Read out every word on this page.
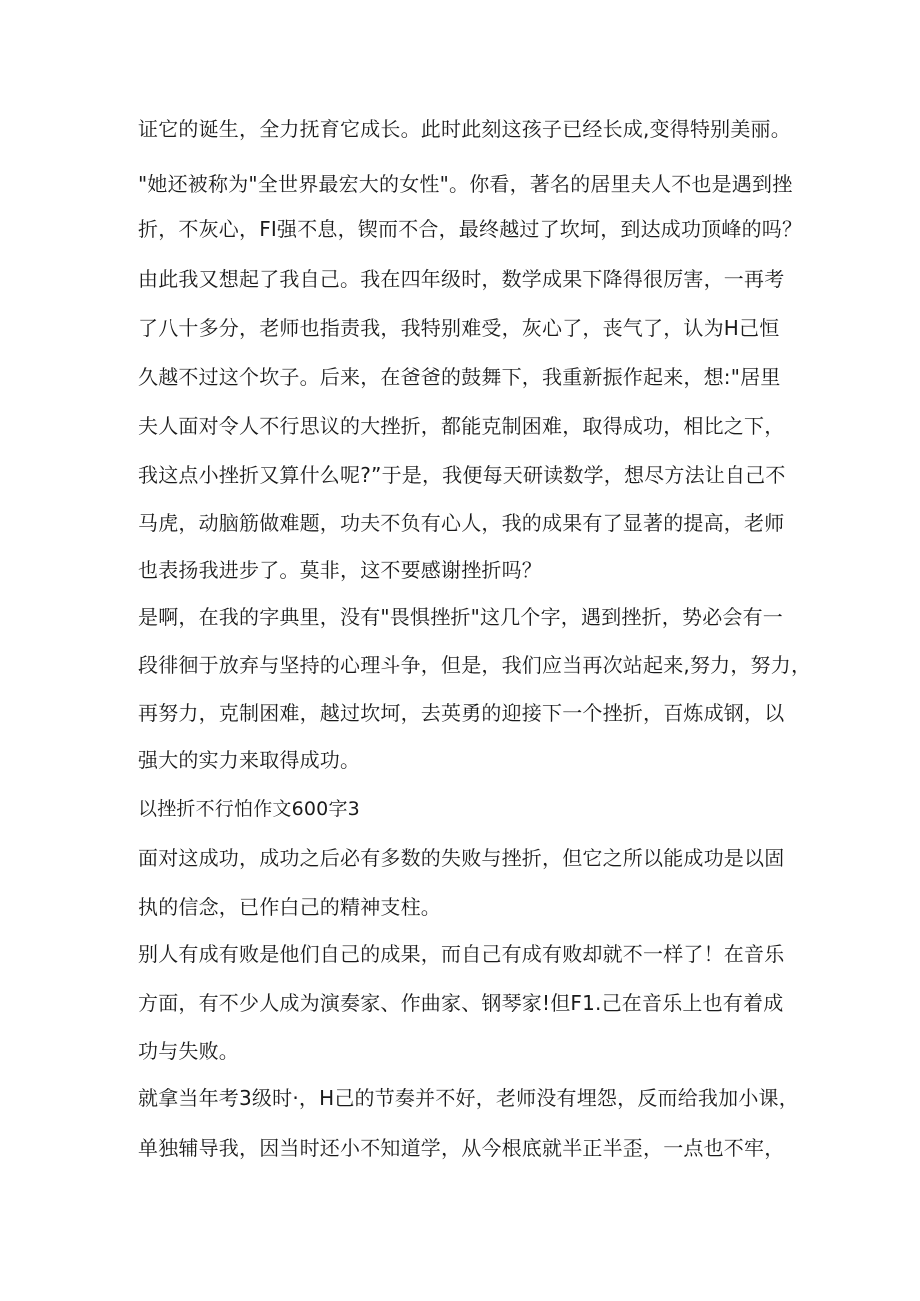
证它的诞生，全力抚育它成长。此时此刻这孩子已经长成,变得特别美丽。
"她还被称为"全世界最宏大的女性"。你看，著名的居里夫人不也是遇到挫
折，不灰心，FI强不息，锲而不合，最终越过了坎坷，到达成功顶峰的吗？
由此我又想起了我自己。我在四年级时，数学成果下降得很厉害，一再考
了八十多分，老师也指责我，我特别难受，灰心了，丧气了，认为H己恒
久越不过这个坎子。后来，在爸爸的鼓舞下，我重新振作起来，想:"居里
夫人面对令人不行思议的大挫折，都能克制困难，取得成功，相比之下，
我这点小挫折又算什么呢?”于是，我便每天研读数学，想尽方法让自己不
马虎，动脑筋做难题，功夫不负有心人，我的成果有了显著的提高，老师
也表扬我进步了。莫非，这不要感谢挫折吗？
是啊，在我的字典里，没有"畏惧挫折"这几个字，遇到挫折，势必会有一
段徘徊于放弃与坚持的心理斗争，但是，我们应当再次站起来,努力，努力，
再努力，克制困难，越过坎坷，去英勇的迎接下一个挫折，百炼成钢，以
强大的实力来取得成功。
以挫折不行怕作文600字3
面对这成功，成功之后必有多数的失败与挫折，但它之所以能成功是以固
执的信念，已作白己的精神支柱。
别人有成有败是他们自己的成果，而自己有成有败却就不一样了！在音乐
方面，有不少人成为演奏家、作曲家、钢琴家!但F1.己在音乐上也有着成
功与失败。
就拿当年考3级时·，H己的节奏并不好，老师没有埋怨，反而给我加小课，
单独辅导我，因当时还小不知道学，从今根底就半正半歪，一点也不牢，
